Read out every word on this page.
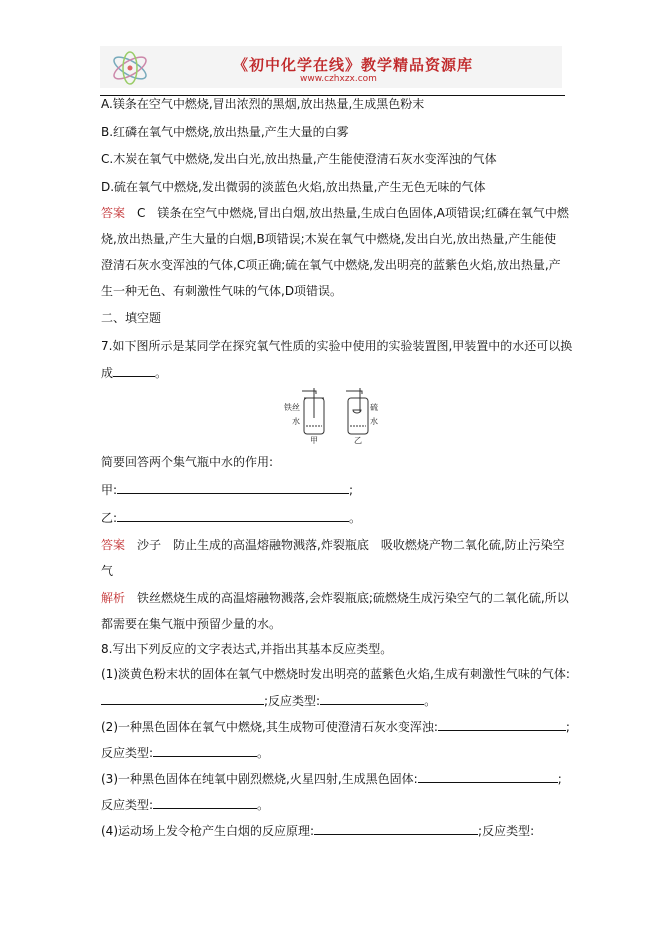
《初中化学在线》教学精品资源库
www.czhxzx.com
A.镁条在空气中燃烧,冒出浓烈的黑烟,放出热量,生成黑色粉末
B.红磷在氧气中燃烧,放出热量,产生大量的白雾
C.木炭在氧气中燃烧,发出白光,放出热量,产生能使澄清石灰水变浑浊的气体
D.硫在氧气中燃烧,发出微弱的淡蓝色火焰,放出热量,产生无色无味的气体
答案　 C　镁条在空气中燃烧,冒出白烟,放出热量,生成白色固体,A项错误;红磷在氧气中燃
烧,放出热量,产生大量的白烟,B项错误;木炭在氧气中燃烧,发出白光,放出热量,产生能使
澄清石灰水变浑浊的气体,C项正确;硫在氧气中燃烧,发出明亮的蓝紫色火焰,放出热量,产
生一种无色、有刺激性气味的气体,D项错误。
二、填空题
7.如下图所示是某同学在探究氧气性质的实验中使用的实验装置图,甲装置中的水还可以换
成	。
铁丝
水
甲
硫
水
乙
简要回答两个集气瓶中水的作用:
甲:	;
乙:	。
答案　 沙子　防止生成的高温熔融物溅落,炸裂瓶底　吸收燃烧产物二氧化硫,防止污染空
气
解析　 铁丝燃烧生成的高温熔融物溅落,会炸裂瓶底;硫燃烧生成污染空气的二氧化硫,所以
都需要在集气瓶中预留少量的水。
8.写出下列反应的文字表达式,并指出其基本反应类型。
(1)淡黄色粉末状的固体在氧气中燃烧时发出明亮的蓝紫色火焰,生成有刺激性气味的气体:
;反应类型:	。
(2)一种黑色固体在氧气中燃烧,其生成物可使澄清石灰水变浑浊:	;
反应类型:	。
(3)一种黑色固体在纯氧中剧烈燃烧,火星四射,生成黑色固体:	;
反应类型:	。
(4)运动场上发令枪产生白烟的反应原理:	;反应类型:
